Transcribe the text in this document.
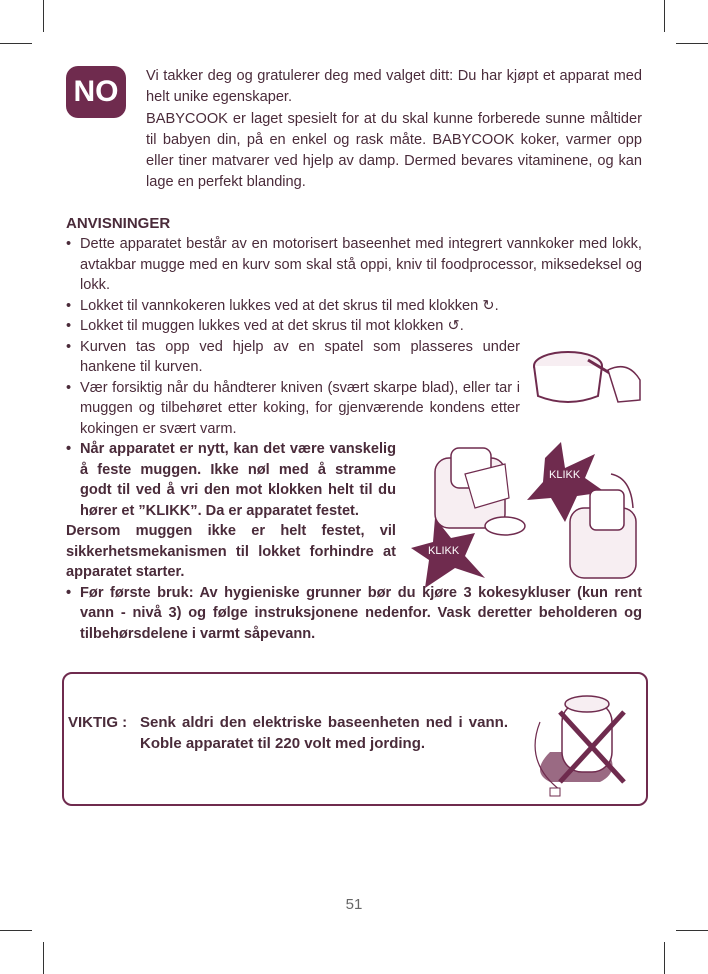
Vi takker deg og gratulerer deg med valget ditt: Du har kjøpt et apparat med helt unike egenskaper.
BABYCOOK er laget spesielt for at du skal kunne forberede sunne måltider til babyen din, på en enkel og rask måte. BABYCOOK koker, varmer opp eller tiner matvarer ved hjelp av damp. Dermed bevares vitaminene, og kan lage en perfekt blanding.
NO
ANVISNINGER
• Dette apparatet består av en motorisert baseenhet med integrert vannkoker med lokk, avtakbar mugge med en kurv som skal stå oppi, kniv til foodprocessor, miksedeksel og lokk.
• Lokket til vannkokeren lukkes ved at det skrus til med klokken ↻.
• Lokket til muggen lukkes ved at det skrus til mot klokken ↺.
• Kurven tas opp ved hjelp av en spatel som plasseres under hankene til kurven.
• Vær forsiktig når du håndterer kniven (svært skarpe blad), eller tar i muggen og tilbehøret etter koking, for gjenværende kondens etter kokingen er svært varm.
• Når apparatet er nytt, kan det være vanskelig å feste muggen. Ikke nøl med å stramme godt til ved å vri den mot klokken helt til du hører et ”KLIKK”. Da er apparatet festet.
Dersom muggen ikke er helt festet, vil sikkerhetsmekanismen til lokket forhindre at apparatet starter.
• Før første bruk: Av hygieniske grunner bør du kjøre 3 kokesykluser (kun rent vann - nivå 3) og følge instruksjonene nedenfor. Vask deretter beholderen og tilbehørsdelene i varmt såpevann.
KLIKK
KLIKK
VIKTIG : Senk aldri den elektriske baseenheten ned i vann. Koble apparatet til 220 volt med jording.
51
